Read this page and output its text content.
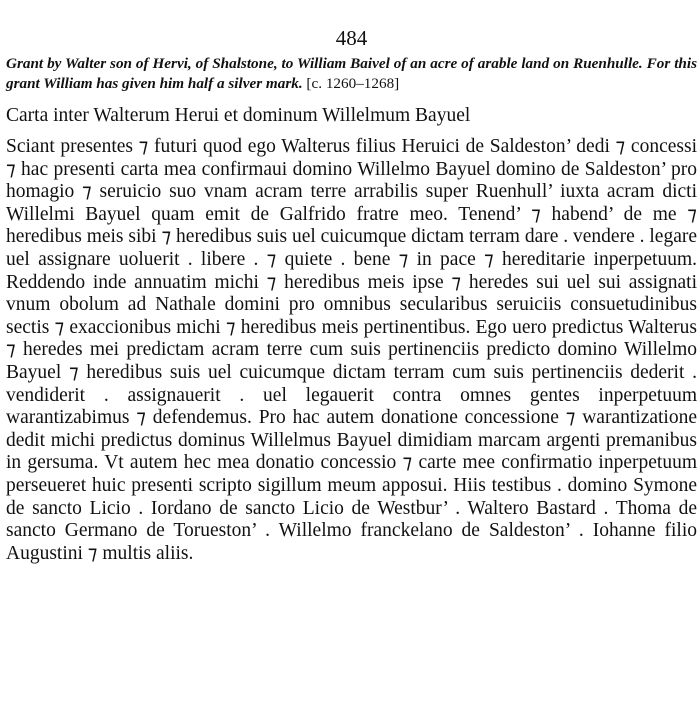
484

Grant by Walter son of Hervi, of Shalstone, to William Baivel of an acre of arable land on Ruenhulle. For this grant William has given him half a silver mark. [c. 1260–1268]

Carta inter Walterum Herui et dominum Willelmum Bayuel

Sciant presentes ⁊ futuri quod ego Walterus filius Heruici de Saldeston’ dedi ⁊ concessi ⁊ hac presenti carta mea confirmaui domino Willelmo Bayuel domino de Saldeston’ pro homagio ⁊ seruicio suo vnam acram terre arrabilis super Ruenhull’ iuxta acram dicti Willelmi Bayuel quam emit de Galfrido fratre meo. Tenend’ ⁊ habend’ de me ⁊ heredibus meis sibi ⁊ heredibus suis uel cuicumque dictam terram dare . vendere . legare uel assignare uoluerit . libere . ⁊ quiete . bene ⁊ in pace ⁊ hereditarie inperpetuum. Reddendo inde annuatim michi ⁊ heredibus meis ipse ⁊ heredes sui uel sui assignati vnum obolum ad Nathale domini pro omnibus secularibus seruiciis consuetudinibus sectis ⁊ exaccionibus michi ⁊ heredibus meis pertinentibus. Ego uero predictus Walterus ⁊ heredes mei predictam acram terre cum suis pertinenciis predicto domino Willelmo Bayuel ⁊ heredibus suis uel cuicumque dictam terram cum suis pertinenciis dederit . vendiderit . assignauerit . uel legauerit contra omnes gentes inperpetuum warantizabimus ⁊ defendemus. Pro hac autem donatione concessione ⁊ warantizatione dedit michi predictus dominus Willelmus Bayuel dimidiam marcam argenti premanibus in gersuma. Vt autem hec mea donatio concessio ⁊ carte mee confirmatio inperpetuum perseueret huic presenti scripto sigillum meum apposui. Hiis testibus . domino Symone de sancto Licio . Iordano de sancto Licio de Westbur’ . Waltero Bastard . Thoma de sancto Germano de Torueston’ . Willelmo franckelano de Saldeston’ . Iohanne filio Augustini ⁊ multis aliis.
